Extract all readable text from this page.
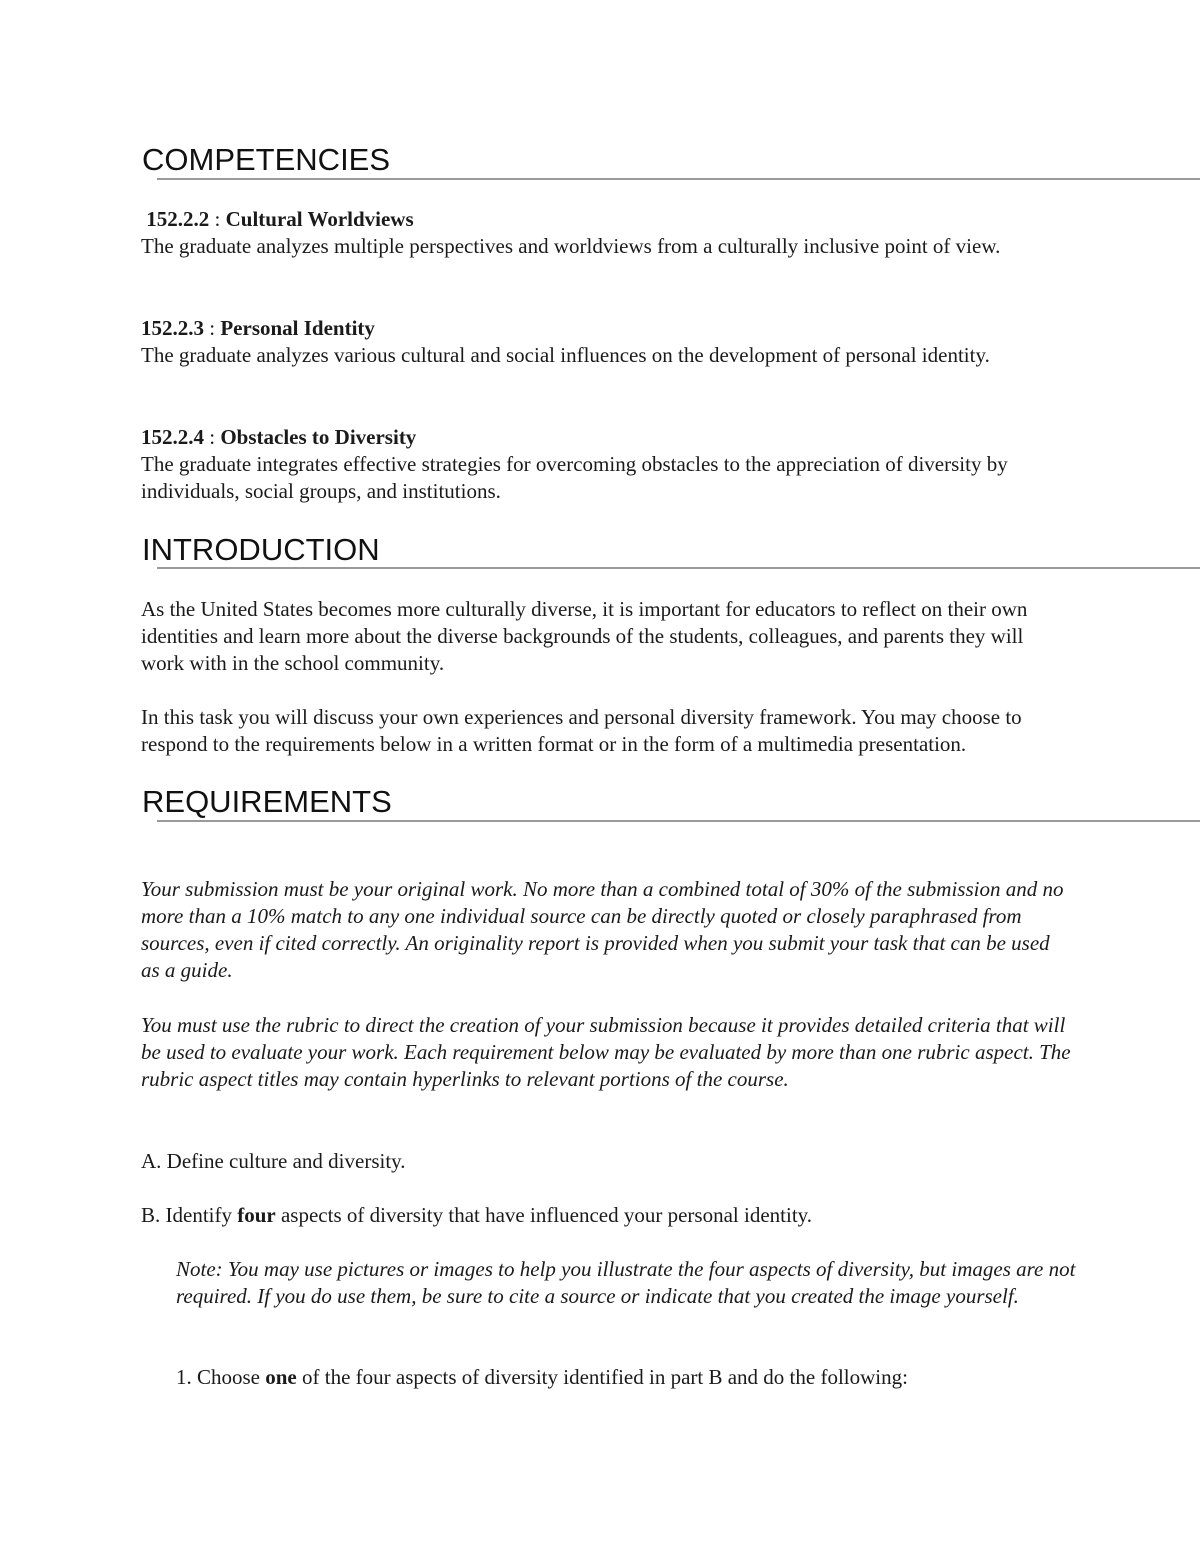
COMPETENCIES

152.2.2 : Cultural Worldviews

The graduate analyzes multiple perspectives and worldviews from a culturally inclusive point of view.

152.2.3 : Personal Identity

The graduate analyzes various cultural and social influences on the development of personal identity.

152.2.4 : Obstacles to Diversity

The graduate integrates effective strategies for overcoming obstacles to the appreciation of diversity by individuals, social groups, and institutions.

INTRODUCTION

As the United States becomes more culturally diverse, it is important for educators to reflect on their own identities and learn more about the diverse backgrounds of the students, colleagues, and parents they will work with in the school community.

In this task you will discuss your own experiences and personal diversity framework. You may choose to respond to the requirements below in a written format or in the form of a multimedia presentation.

REQUIREMENTS

Your submission must be your original work. No more than a combined total of 30% of the submission and no more than a 10% match to any one individual source can be directly quoted or closely paraphrased from sources, even if cited correctly. An originality report is provided when you submit your task that can be used as a guide.

You must use the rubric to direct the creation of your submission because it provides detailed criteria that will be used to evaluate your work. Each requirement below may be evaluated by more than one rubric aspect. The rubric aspect titles may contain hyperlinks to relevant portions of the course.

A. Define culture and diversity.

B. Identify four aspects of diversity that have influenced your personal identity.

Note: You may use pictures or images to help you illustrate the four aspects of diversity, but images are not required. If you do use them, be sure to cite a source or indicate that you created the image yourself.

1. Choose one of the four aspects of diversity identified in part B and do the following:
